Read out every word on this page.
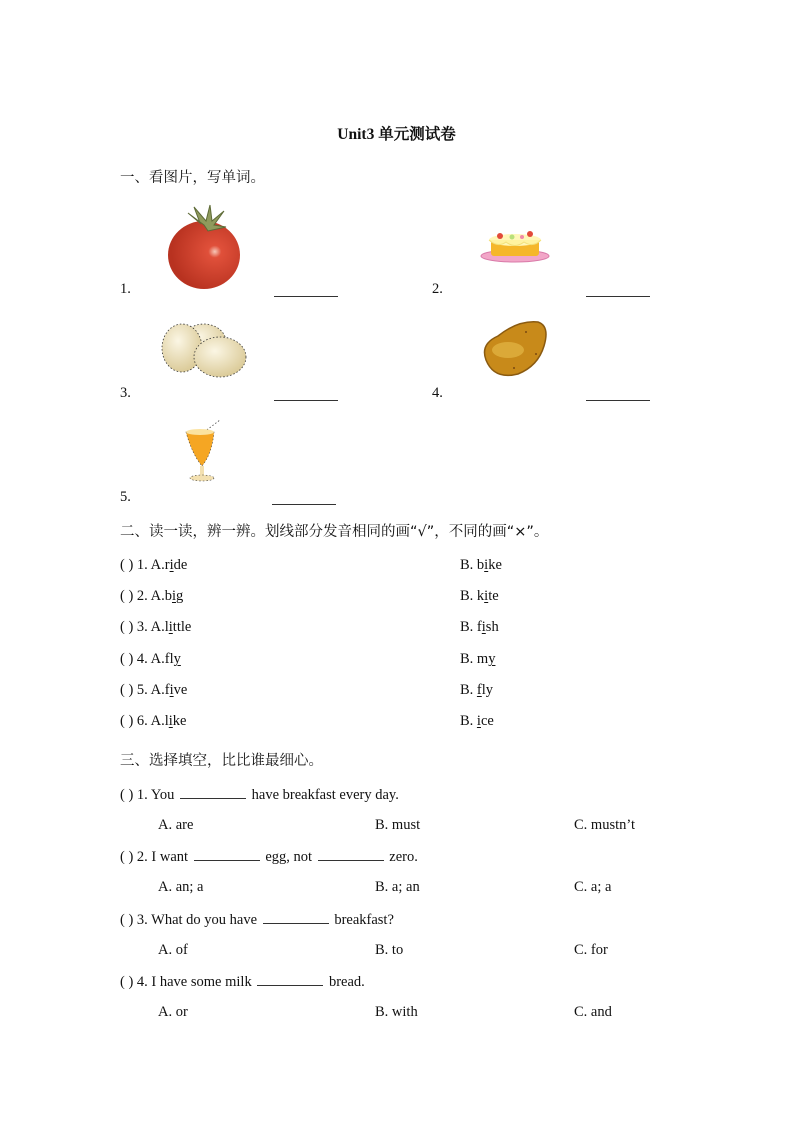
Unit3 单元测试卷
一、看图片，写单词。
1.	2.
3.	4.
5.
二、读一读，辨一辨。划线部分发音相同的画“√”，不同的画“×”。
( ) 1. A.ride	B. bike
( ) 2. A.big	B. kite
( ) 3. A.little	B. fish
( ) 4. A.fly	B. my
( ) 5. A.five	B. fly
( ) 6. A.like	B. ice
三、选择填空，比比谁最细心。
( ) 1. You	have breakfast every day.
A. are	B. must	C. mustn’t
( ) 2. I want	egg, not	zero.
A. an; a	B. a; an	C. a; a
( ) 3. What do you have	breakfast?
A. of	B. to	C. for
( ) 4. I have some milk	bread.
A. or	B. with	C. and
